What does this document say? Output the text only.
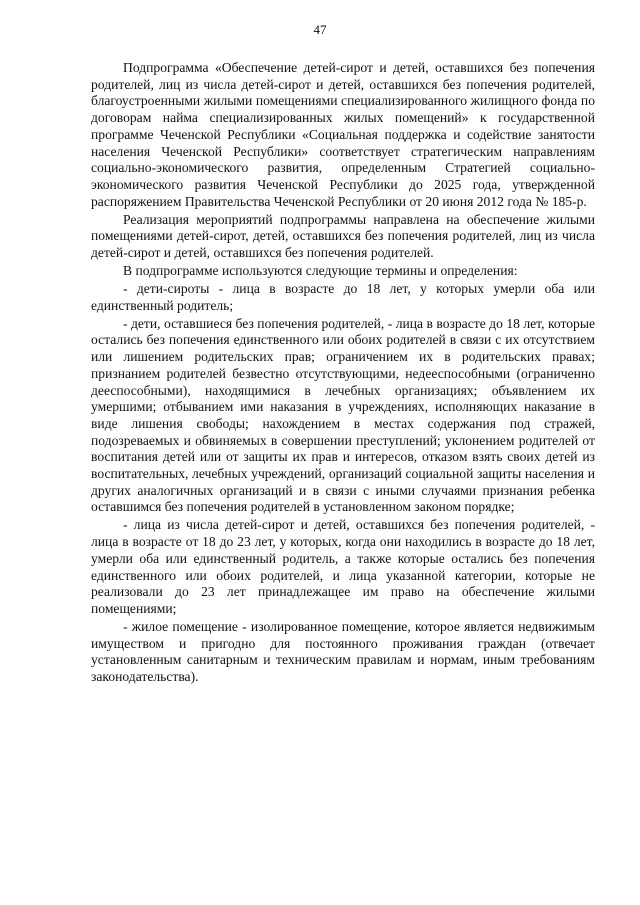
47

Подпрограмма «Обеспечение детей-сирот и детей, оставшихся без попечения родителей, лиц из числа детей-сирот и детей, оставшихся без попечения родителей, благоустроенными жилыми помещениями специализированного жилищного фонда по договорам найма специализированных жилых помещений» к государственной программе Чеченской Республики «Социальная поддержка и содействие занятости населения Чеченской Республики» соответствует стратегическим направлениям социально-экономического развития, определенным Стратегией социально-экономического развития Чеченской Республики до 2025 года, утвержденной распоряжением Правительства Чеченской Республики от 20 июня 2012 года № 185-р.

Реализация мероприятий подпрограммы направлена на обеспечение жилыми помещениями детей-сирот, детей, оставшихся без попечения родителей, лиц из числа детей-сирот и детей, оставшихся без попечения родителей.

В подпрограмме используются следующие термины и определения:

- дети-сироты - лица в возрасте до 18 лет, у которых умерли оба или единственный родитель;

- дети, оставшиеся без попечения родителей, - лица в возрасте до 18 лет, которые остались без попечения единственного или обоих родителей в связи с их отсутствием или лишением родительских прав; ограничением их в родительских правах; признанием родителей безвестно отсутствующими, недееспособными (ограниченно дееспособными), находящимися в лечебных организациях; объявлением их умершими; отбыванием ими наказания в учреждениях, исполняющих наказание в виде лишения свободы; нахождением в местах содержания под стражей, подозреваемых и обвиняемых в совершении преступлений; уклонением родителей от воспитания детей или от защиты их прав и интересов, отказом взять своих детей из воспитательных, лечебных учреждений, организаций социальной защиты населения и других аналогичных организаций и в связи с иными случаями признания ребенка оставшимся без попечения родителей в установленном законом порядке;

- лица из числа детей-сирот и детей, оставшихся без попечения родителей, - лица в возрасте от 18 до 23 лет, у которых, когда они находились в возрасте до 18 лет, умерли оба или единственный родитель, а также которые остались без попечения единственного или обоих родителей, и лица указанной категории, которые не реализовали до 23 лет принадлежащее им право на обеспечение жилыми помещениями;

- жилое помещение - изолированное помещение, которое является недвижимым имуществом и пригодно для постоянного проживания граждан (отвечает установленным санитарным и техническим правилам и нормам, иным требованиям законодательства).
